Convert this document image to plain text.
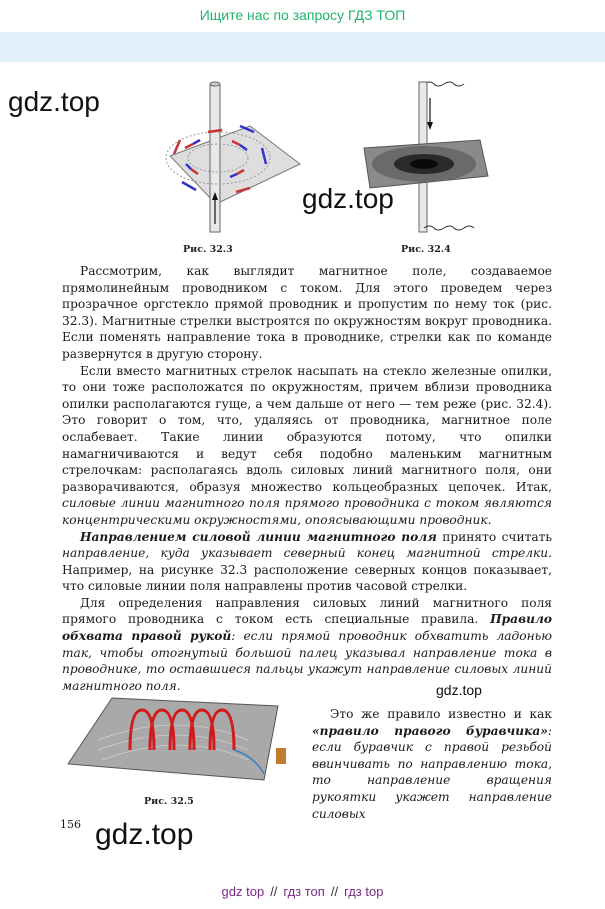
Ищите нас по запросу ГДЗ ТОП
Рис. 32.3	Рис. 32.4
gdz.top
gdz.top

Рассмотрим, как выглядит магнитное поле, создаваемое прямолинейным проводником с током. Для этого проведем через прозрачное оргстекло прямой проводник и пропустим по нему ток (рис. 32.3). Магнитные стрелки выстроятся по окружностям вокруг проводника. Если поменять направление тока в проводнике, стрелки как по команде развернутся в другую сторону.

Если вместо магнитных стрелок насыпать на стекло железные опилки, то они тоже расположатся по окружностям, причем вблизи проводника опилки располагаются гуще, а чем дальше от него — тем реже (рис. 32.4). Это говорит о том, что, удаляясь от проводника, магнитное поле ослабевает. Такие линии образуются потому, что опилки намагничиваются и ведут себя подобно маленьким магнитным стрелочкам: располагаясь вдоль силовых линий магнитного поля, они разворачиваются, образуя множество кольцеобразных цепочек. Итак, силовые линии магнитного поля прямого проводника с током являются концентрическими окружностями, опоясывающими проводник.

Направлением силовой линии магнитного поля принято считать направление, куда указывает северный конец магнитной стрелки. Например, на рисунке 32.3 расположение северных концов показывает, что силовые линии поля направлены против часовой стрелки.

Для определения направления силовых линий магнитного поля прямого проводника с током есть специальные правила. Правило обхвата правой рукой: если прямой проводник обхватить ладонью так, чтобы отогнутый большой палец указывал направление тока в проводнике, то оставшиеся пальцы укажут направление силовых линий магнитного поля.	gdz.top
Рис. 32.5

Это же правило известно и как «правило правого буравчика»: если буравчик с правой резьбой ввинчивать по направлению тока, то направление вращения рукоятки укажет направление силовых

156 gdz.top
gdz top // гдз топ // гдз top
